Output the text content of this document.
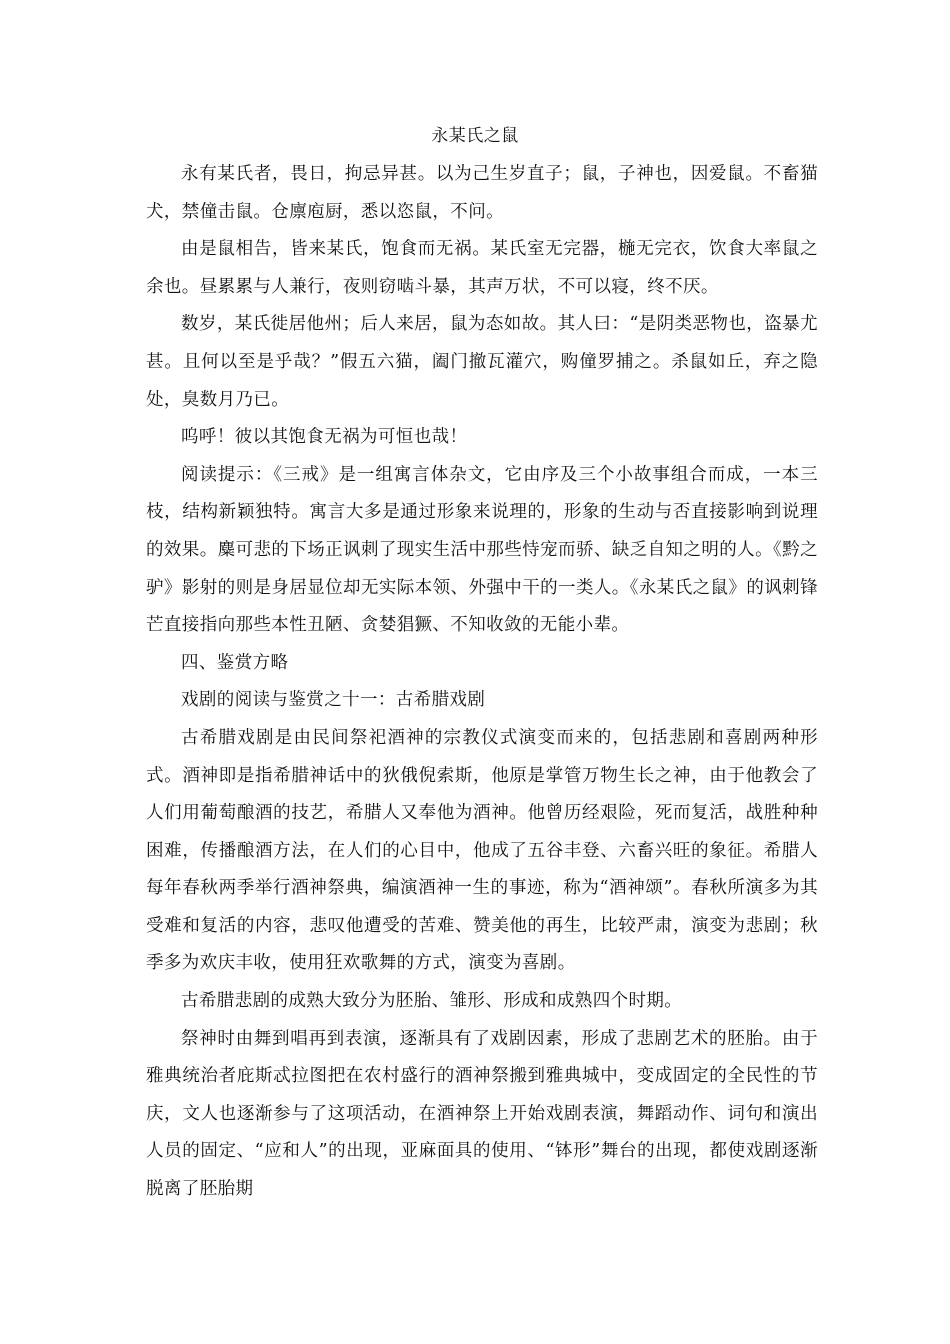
永某氏之鼠

永有某氏者，畏日，拘忌异甚。以为己生岁直子；鼠，子神也，因爱鼠。不畜猫犬，禁僮击鼠。仓廪庖厨，悉以恣鼠，不问。

由是鼠相告，皆来某氏，饱食而无祸。某氏室无完器，椸无完衣，饮食大率鼠之余也。昼累累与人兼行，夜则窃啮斗暴，其声万状，不可以寝，终不厌。

数岁，某氏徙居他州；后人来居，鼠为态如故。其人曰：“是阴类恶物也，盗暴尤甚。且何以至是乎哉？”假五六猫，阖门撤瓦灌穴，购僮罗捕之。杀鼠如丘，弃之隐处，臭数月乃已。

呜呼！彼以其饱食无祸为可恒也哉！

阅读提示：《三戒》是一组寓言体杂文，它由序及三个小故事组合而成，一本三枝，结构新颖独特。寓言大多是通过形象来说理的，形象的生动与否直接影响到说理的效果。麋可悲的下场正讽刺了现实生活中那些恃宠而骄、缺乏自知之明的人。《黔之驴》影射的则是身居显位却无实际本领、外强中干的一类人。《永某氏之鼠》的讽刺锋芒直接指向那些本性丑陋、贪婪猖獗、不知收敛的无能小辈。

四、鉴赏方略

戏剧的阅读与鉴赏之十一：古希腊戏剧

古希腊戏剧是由民间祭祀酒神的宗教仪式演变而来的，包括悲剧和喜剧两种形式。酒神即是指希腊神话中的狄俄倪索斯，他原是掌管万物生长之神，由于他教会了人们用葡萄酿酒的技艺，希腊人又奉他为酒神。他曾历经艰险，死而复活，战胜种种困难，传播酿酒方法，在人们的心目中，他成了五谷丰登、六畜兴旺的象征。希腊人每年春秋两季举行酒神祭典，编演酒神一生的事迹，称为“酒神颂”。春秋所演多为其受难和复活的内容，悲叹他遭受的苦难、赞美他的再生，比较严肃，演变为悲剧；秋季多为欢庆丰收，使用狂欢歌舞的方式，演变为喜剧。

古希腊悲剧的成熟大致分为胚胎、雏形、形成和成熟四个时期。

祭神时由舞到唱再到表演，逐渐具有了戏剧因素，形成了悲剧艺术的胚胎。由于雅典统治者庇斯忒拉图把在农村盛行的酒神祭搬到雅典城中，变成固定的全民性的节庆，文人也逐渐参与了这项活动，在酒神祭上开始戏剧表演，舞蹈动作、词句和演出人员的固定、“应和人”的出现，亚麻面具的使用、“钵形”舞台的出现，都使戏剧逐渐脱离了胚胎期
